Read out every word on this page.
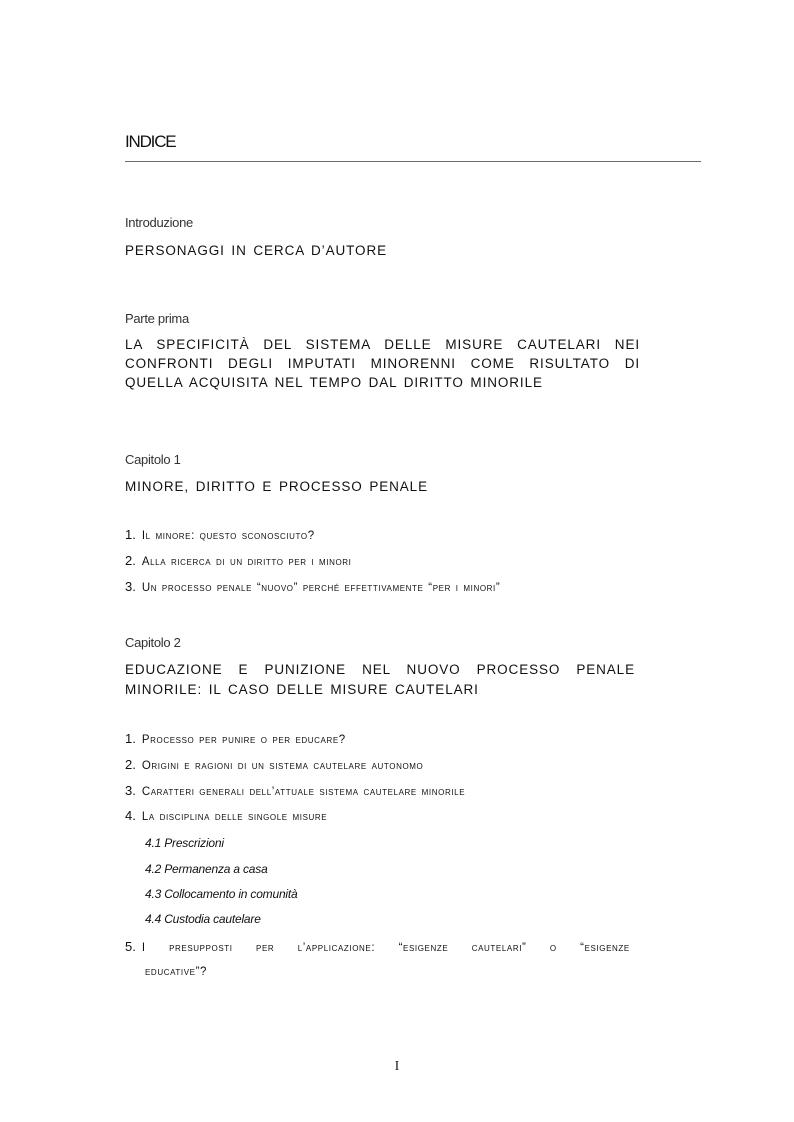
INDICE
Introduzione
PERSONAGGI IN CERCA D’AUTORE
Parte prima
LA SPECIFICITÀ DEL SISTEMA DELLE MISURE CAUTELARI NEI
CONFRONTI DEGLI IMPUTATI MINORENNI COME RISULTATO DI
QUELLA ACQUISITA NEL TEMPO DAL DIRITTO MINORILE
Capitolo 1
MINORE, DIRITTO E PROCESSO PENALE
1. Il minore: questo sconosciuto?
2. Alla ricerca di un diritto per i minori
3. Un processo penale “nuovo” perché effettivamente “per i minori”
Capitolo 2
EDUCAZIONE E PUNIZIONE NEL NUOVO PROCESSO PENALE
MINORILE: IL CASO DELLE MISURE CAUTELARI
1. Processo per punire o per educare?
2. Origini e ragioni di un sistema cautelare autonomo
3. Caratteri generali dell’attuale sistema cautelare minorile
4. La disciplina delle singole misure
4.1 Prescrizioni
4.2 Permanenza a casa
4.3 Collocamento in comunità
4.4 Custodia cautelare
5. I presupposti per l’applicazione: “esigenze cautelari” o “esigenze
educative”?
I
